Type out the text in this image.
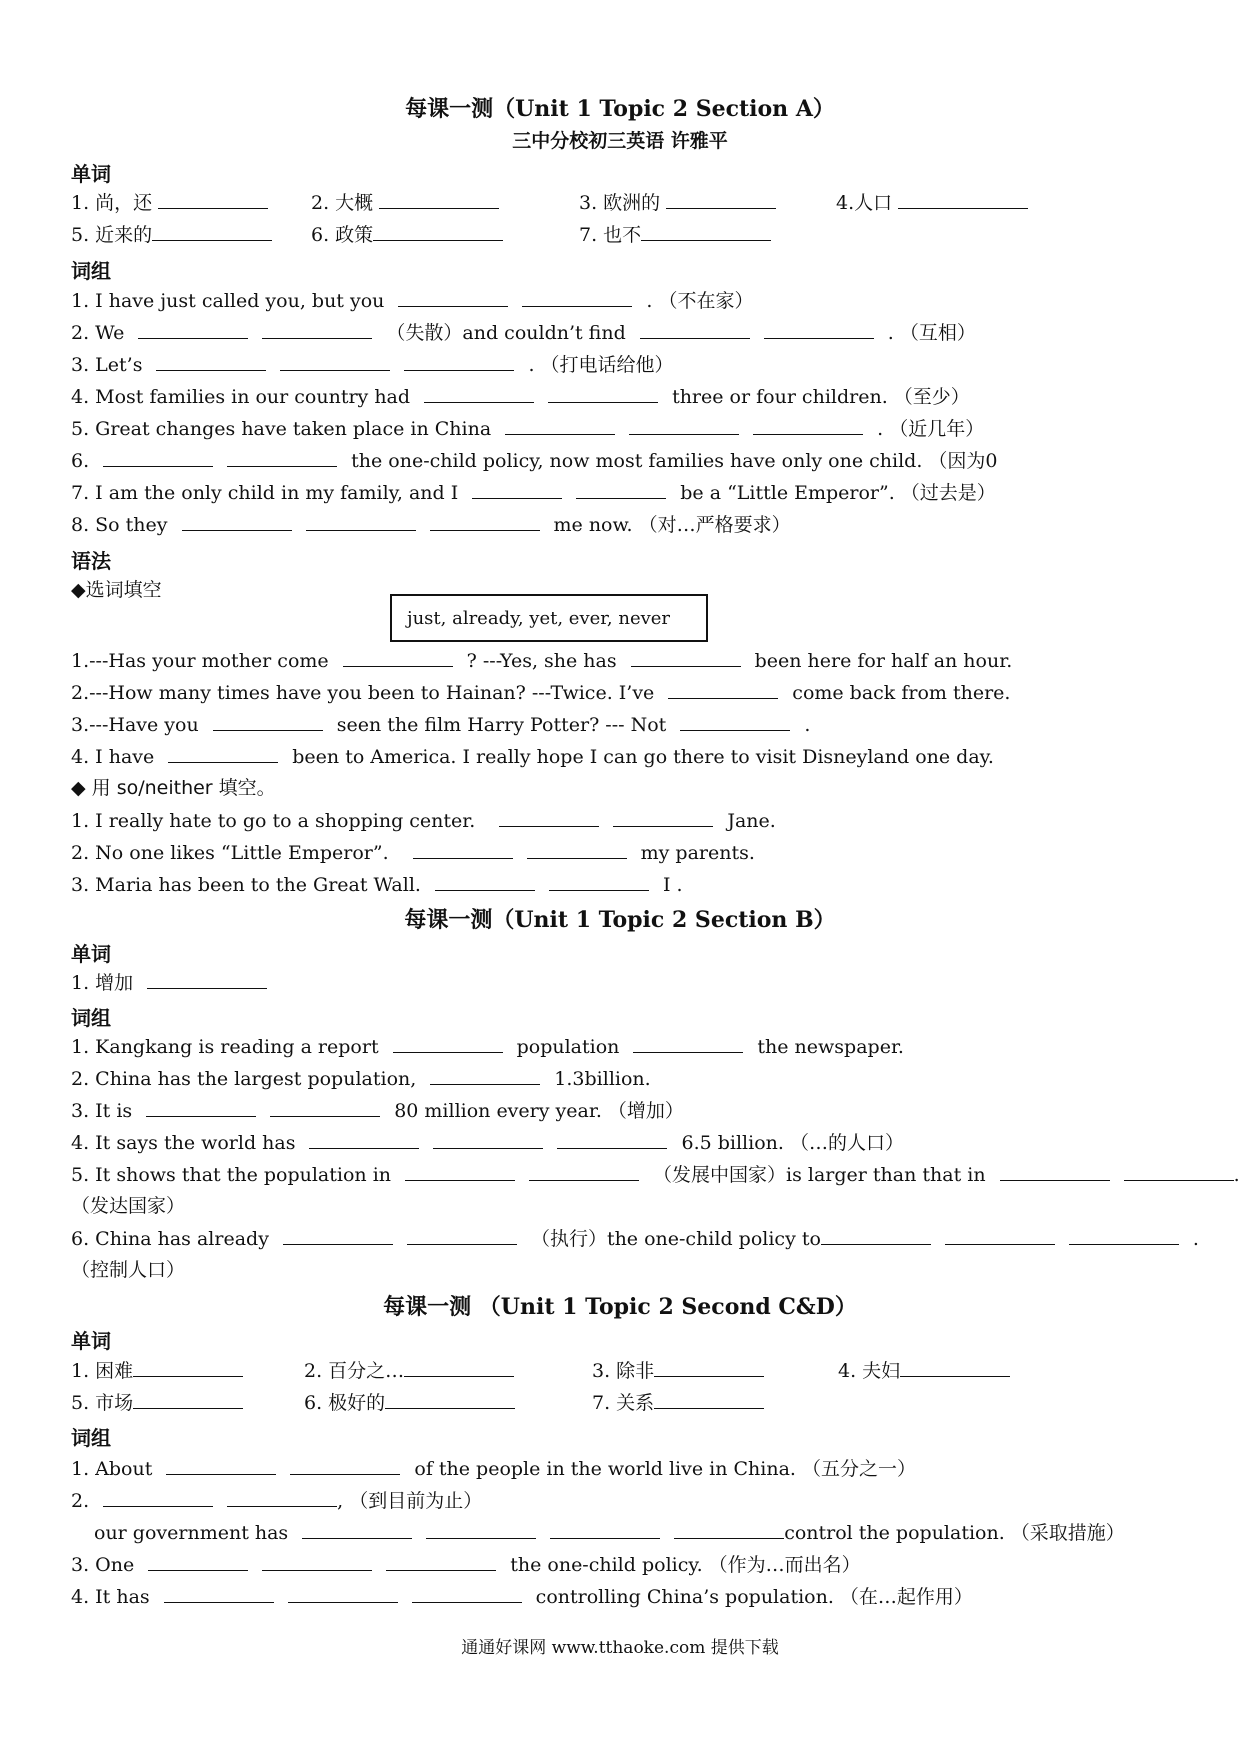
每课一测（Unit 1 Topic 2 Section A）
三中分校初三英语 许雅平
单词
1. 尚，还	2. 大概	3. 欧洲的	4.人口
5. 近来的	6. 政策	7. 也不
词组
1. I have just called you, but you	. （不在家）
2. We	（失散）and couldn’t find	. （互相）
3. Let’s	. （打电话给他）
4. Most families in our country had	three or four children. （至少）
5. Great changes have taken place in China	. （近几年）
6.	the one-child policy, now most families have only one child. （因为0
7. I am the only child in my family, and I	be a “Little Emperor”. （过去是）
8. So they	me now. （对…严格要求）
语法
◆选词填空
just, already, yet, ever, never
1.---Has your mother come	? ---Yes, she has	been here for half an hour.
2.---How many times have you been to Hainan? ---Twice. I’ve	come back from there.
3.---Have you	seen the film Harry Potter? --- Not	.
4. I have	been to America. I really hope I can go there to visit Disneyland one day.
◆ 用 so/neither 填空。
1. I really hate to go to a shopping center.	Jane.
2. No one likes “Little Emperor”.	my parents.
3. Maria has been to the Great Wall.	I .
每课一测（Unit 1 Topic 2 Section B）
单词
1. 增加
词组
1. Kangkang is reading a report	population	the newspaper.
2. China has the largest population,	1.3billion.
3. It is	80 million every year. （增加）
4. It says the world has	6.5 billion. （…的人口）
5. It shows that the population in	（发展中国家）is larger than that in	.
（发达国家）
6. China has already	（执行）the one-child policy to	.
（控制人口）
每课一测 （Unit 1 Topic 2 Second C&D）
单词
1. 困难	2. 百分之…	3. 除非	4. 夫妇
5. 市场	6. 极好的	7. 关系
词组
1. About	of the people in the world live in China. （五分之一）
2.	, （到目前为止）
our government has	control the population. （采取措施）
3. One	the one-child policy. （作为…而出名）
4. It has	controlling China’s population. （在…起作用）
通通好课网 www.tthaoke.com 提供下载
